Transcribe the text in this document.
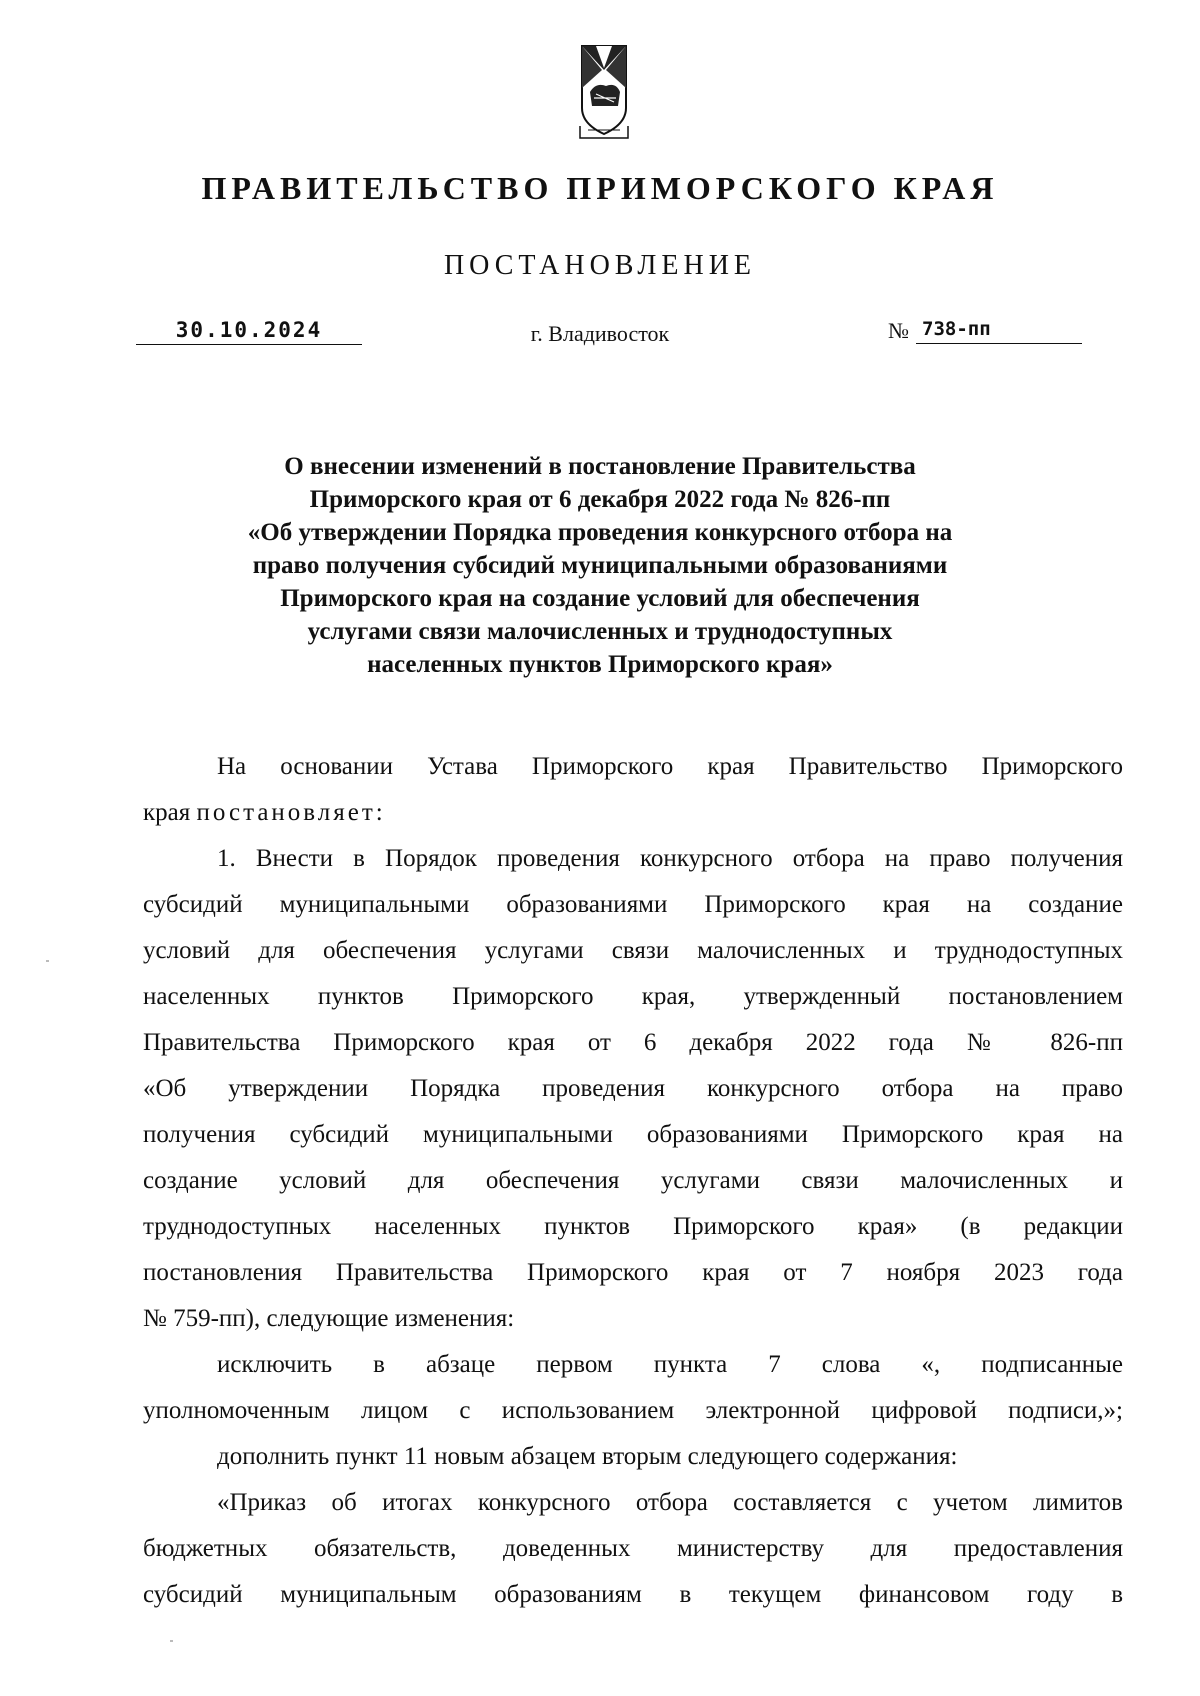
ПРАВИТЕЛЬСТВО ПРИМОРСКОГО КРАЯ
ПОСТАНОВЛЕНИЕ
30.10.2024	г. Владивосток	№ 738-пп
О внесении изменений в постановление Правительства
Приморского края от 6 декабря 2022 года № 826-пп
«Об утверждении Порядка проведения конкурсного отбора на
право получения субсидий муниципальными образованиями
Приморского края на создание условий для обеспечения
услугами связи малочисленных и труднодоступных
населенных пунктов Приморского края»
На основании Устава Приморского края Правительство Приморского
края постановляет:
1. Внести в Порядок проведения конкурсного отбора на право получения
субсидий муниципальными образованиями Приморского края на создание
условий для обеспечения услугами связи малочисленных и труднодоступных
населенных пунктов Приморского края, утвержденный постановлением
Правительства Приморского края от 6 декабря 2022 года № 826-пп
«Об утверждении Порядка проведения конкурсного отбора на право
получения субсидий муниципальными образованиями Приморского края на
создание условий для обеспечения услугами связи малочисленных и
труднодоступных населенных пунктов Приморского края» (в редакции
постановления Правительства Приморского края от 7 ноября 2023 года
№ 759-пп), следующие изменения:
исключить в абзаце первом пункта 7 слова «, подписанные
уполномоченным лицом с использованием электронной цифровой подписи,»;
дополнить пункт 11 новым абзацем вторым следующего содержания:
«Приказ об итогах конкурсного отбора составляется с учетом лимитов
бюджетных обязательств, доведенных министерству для предоставления
субсидий муниципальным образованиям в текущем финансовом году в
